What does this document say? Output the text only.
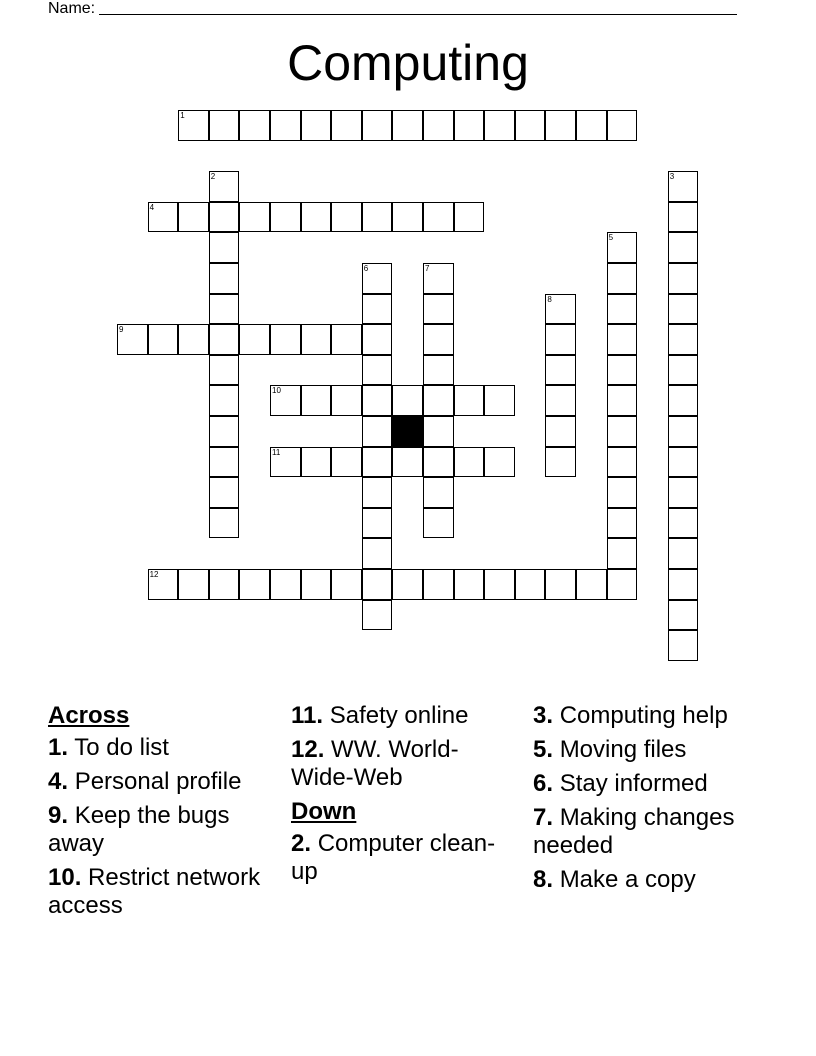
Name:
Computing
1
2	3
4
5
6	7
8
9
10
11
12
Across
1. To do list
4. Personal profile
9. Keep the bugs away
10. Restrict network access
11. Safety online
12. WW. World-Wide-Web
Down
2. Computer clean-up
3. Computing help
5. Moving files
6. Stay informed
7. Making changes needed
8. Make a copy
